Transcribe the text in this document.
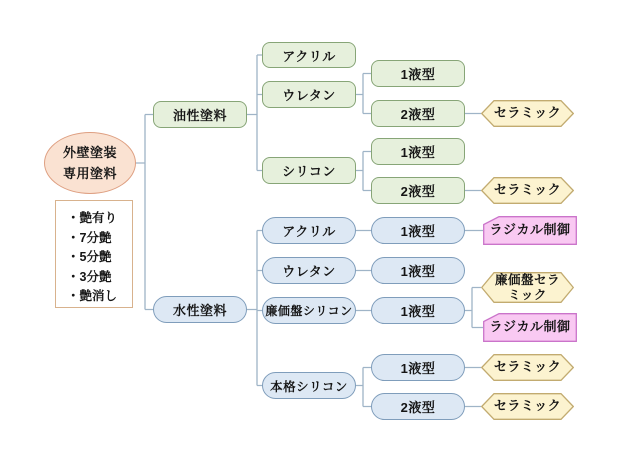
外壁塗装
専用塗料
・艶有り
・7分艶
・5分艶
・3分艶
・艶消し
油性塗料
アクリル
ウレタン
1液型
2液型	セラミック
シリコン
1液型
2液型	セラミック
水性塗料
アクリル	1液型	ラジカル制御
ウレタン	1液型
廉価盤シリコン	1液型
廉価盤セラミック
ラジカル制御
本格シリコン
1液型	セラミック
2液型	セラミック
